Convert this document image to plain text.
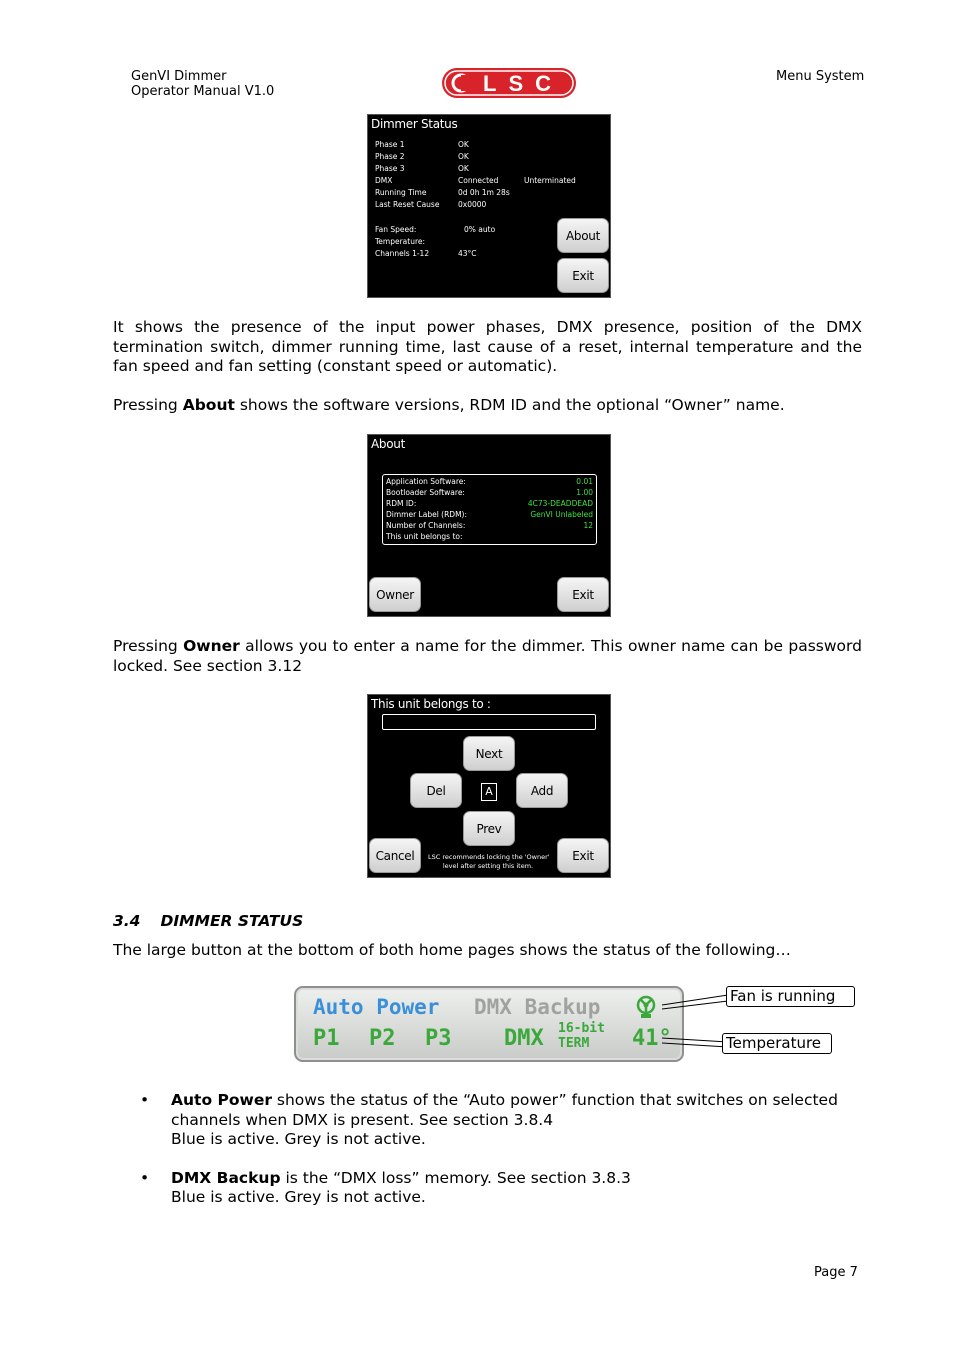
GenVI Dimmer
Operator Manual V1.0	LSC	Menu System
Dimmer Status
Phase 1	OK
Phase 2	OK
Phase 3	OK
DMX	Connected	Unterminated
Running Time	0d 0h 1m 28s
Last Reset Cause 0x0000
Fan Speed:	0% auto
Temperature:
Channels 1-12	43°C
About
Exit
It shows the presence of the input power phases, DMX presence, position of the DMX termination switch, dimmer running time, last cause of a reset, internal temperature and the fan speed and fan setting (constant speed or automatic).
Pressing About shows the software versions, RDM ID and the optional “Owner” name.
About
Application Software:	0.01
Bootloader Software:	1.00
RDM ID:	4C73-DEADDEAD
Dimmer Label (RDM):	GenVI Unlabeled
Number of Channels:	12
This unit belongs to:
Owner	Exit
Pressing Owner allows you to enter a name for the dimmer. This owner name can be password locked. See section 3.12
This unit belongs to :
Next
Del	A	Add
Prev
Cancel	Exit
LSC recommends locking the 'Owner'
level after setting this item.
3.4 DIMMER STATUS
The large button at the bottom of both home pages shows the status of the following…
Auto Power DMX Backup
P1 P2 P3 DMX 16-bit
TERM 41°
Fan is running
Temperature
• Auto Power shows the status of the “Auto power” function that switches on selected channels when DMX is present. See section 3.8.4
Blue is active. Grey is not active.
• DMX Backup is the “DMX loss” memory. See section 3.8.3
Blue is active. Grey is not active.
Page 7
